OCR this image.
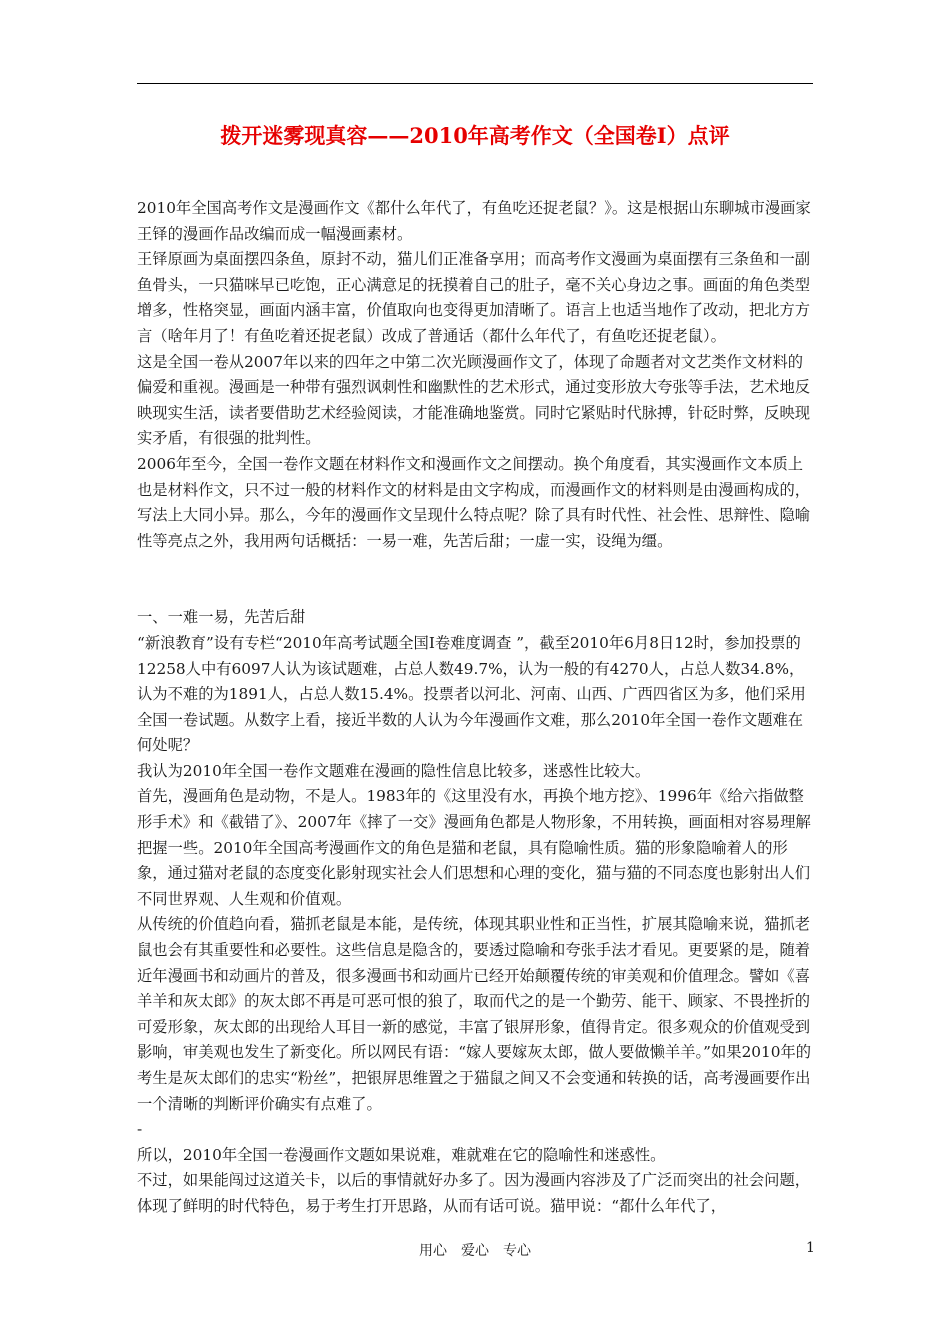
拨开迷雾现真容——2010年高考作文（全国卷I）点评

2010年全国高考作文是漫画作文《都什么年代了，有鱼吃还捉老鼠？》。这是根据山东聊城市漫画家王铎的漫画作品改编而成一幅漫画素材。

王铎原画为桌面摆四条鱼，原封不动，猫儿们正准备享用；而高考作文漫画为桌面摆有三条鱼和一副鱼骨头，一只猫咪早已吃饱，正心满意足的抚摸着自己的肚子，毫不关心身边之事。画面的角色类型增多，性格突显，画面内涵丰富，价值取向也变得更加清晰了。语言上也适当地作了改动，把北方方言（啥年月了！有鱼吃着还捉老鼠）改成了普通话（都什么年代了，有鱼吃还捉老鼠）。

这是全国一卷从2007年以来的四年之中第二次光顾漫画作文了，体现了命题者对文艺类作文材料的偏爱和重视。漫画是一种带有强烈讽刺性和幽默性的艺术形式，通过变形放大夸张等手法，艺术地反映现实生活，读者要借助艺术经验阅读，才能准确地鉴赏。同时它紧贴时代脉搏，针砭时弊，反映现实矛盾，有很强的批判性。

2006年至今，全国一卷作文题在材料作文和漫画作文之间摆动。换个角度看，其实漫画作文本质上也是材料作文，只不过一般的材料作文的材料是由文字构成，而漫画作文的材料则是由漫画构成的，写法上大同小异。那么，今年的漫画作文呈现什么特点呢？除了具有时代性、社会性、思辩性、隐喻性等亮点之外，我用两句话概括：一易一难，先苦后甜；一虚一实，设绳为缰。

一、一难一易，先苦后甜

“新浪教育”设有专栏“2010年高考试题全国I卷难度调查 ”，截至2010年6月8日12时，参加投票的12258人中有6097人认为该试题难，占总人数49.7%，认为一般的有4270人，占总人数34.8%，认为不难的为1891人，占总人数15.4%。投票者以河北、河南、山西、广西四省区为多，他们采用全国一卷试题。从数字上看，接近半数的人认为今年漫画作文难，那么2010年全国一卷作文题难在何处呢？

我认为2010年全国一卷作文题难在漫画的隐性信息比较多，迷惑性比较大。

首先，漫画角色是动物，不是人。1983年的《这里没有水，再换个地方挖》、1996年《给六指做整形手术》和《截错了》、2007年《摔了一交》漫画角色都是人物形象，不用转换，画面相对容易理解把握一些。2010年全国高考漫画作文的角色是猫和老鼠，具有隐喻性质。猫的形象隐喻着人的形象，通过猫对老鼠的态度变化影射现实社会人们思想和心理的变化，猫与猫的不同态度也影射出人们不同世界观、人生观和价值观。

从传统的价值趋向看，猫抓老鼠是本能，是传统，体现其职业性和正当性，扩展其隐喻来说，猫抓老鼠也会有其重要性和必要性。这些信息是隐含的，要透过隐喻和夸张手法才看见。更要紧的是，随着近年漫画书和动画片的普及，很多漫画书和动画片已经开始颠覆传统的审美观和价值理念。譬如《喜羊羊和灰太郎》的灰太郎不再是可恶可恨的狼了，取而代之的是一个勤劳、能干、顾家、不畏挫折的可爱形象，灰太郎的出现给人耳目一新的感觉，丰富了银屏形象，值得肯定。很多观众的价值观受到影响，审美观也发生了新变化。所以网民有语：“嫁人要嫁灰太郎，做人要做懒羊羊。”如果2010年的考生是灰太郎们的忠实“粉丝”，把银屏思维置之于猫鼠之间又不会变通和转换的话，高考漫画要作出一个清晰的判断评价确实有点难了。

-

所以，2010年全国一卷漫画作文题如果说难，难就难在它的隐喻性和迷惑性。

不过，如果能闯过这道关卡，以后的事情就好办多了。因为漫画内容涉及了广泛而突出的社会问题，体现了鲜明的时代特色，易于考生打开思路，从而有话可说。猫甲说：“都什么年代了，

用心　爱心　专心	1
